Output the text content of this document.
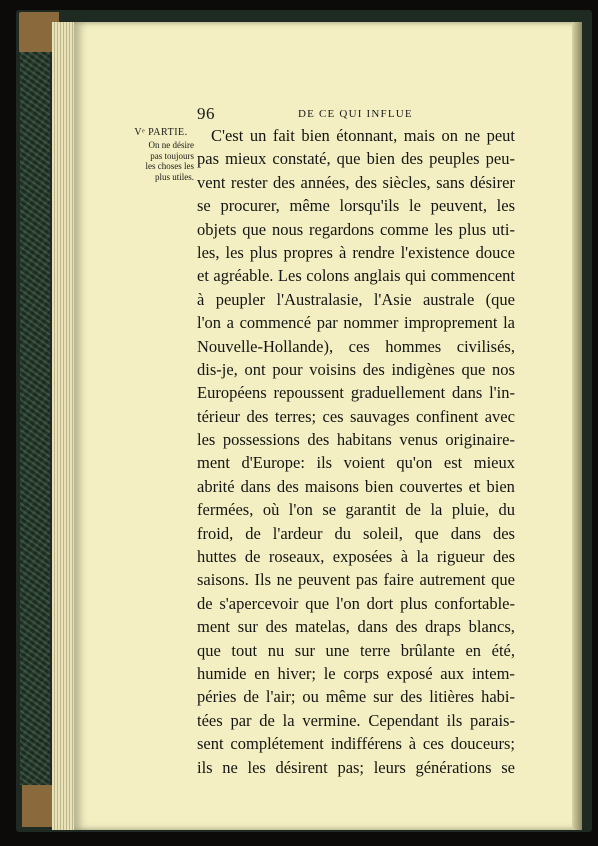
96	DE CE QUI INFLUE
Vᵉ PARTIE.
On ne désire
pas toujours
les choses les
plus utiles.
C'est un fait bien étonnant, mais on ne peut
pas mieux constaté, que bien des peuples peu-
vent rester des années, des siècles, sans désirer
se procurer, même lorsqu'ils le peuvent, les
objets que nous regardons comme les plus uti-
les, les plus propres à rendre l'existence douce
et agréable. Les colons anglais qui commencent
à peupler l'Australasie, l'Asie australe (que
l'on a commencé par nommer improprement la
Nouvelle-Hollande), ces hommes civilisés,
dis-je, ont pour voisins des indigènes que nos
Européens repoussent graduellement dans l'in-
térieur des terres; ces sauvages confinent avec
les possessions des habitans venus originaire-
ment d'Europe: ils voient qu'on est mieux
abrité dans des maisons bien couvertes et bien
fermées, où l'on se garantit de la pluie, du
froid, de l'ardeur du soleil, que dans des
huttes de roseaux, exposées à la rigueur des
saisons. Ils ne peuvent pas faire autrement que
de s'apercevoir que l'on dort plus confortable-
ment sur des matelas, dans des draps blancs,
que tout nu sur une terre brûlante en été,
humide en hiver; le corps exposé aux intem-
péries de l'air; ou même sur des litières habi-
tées par de la vermine. Cependant ils parais-
sent complétement indifférens à ces douceurs;
ils ne les désirent pas; leurs générations se
